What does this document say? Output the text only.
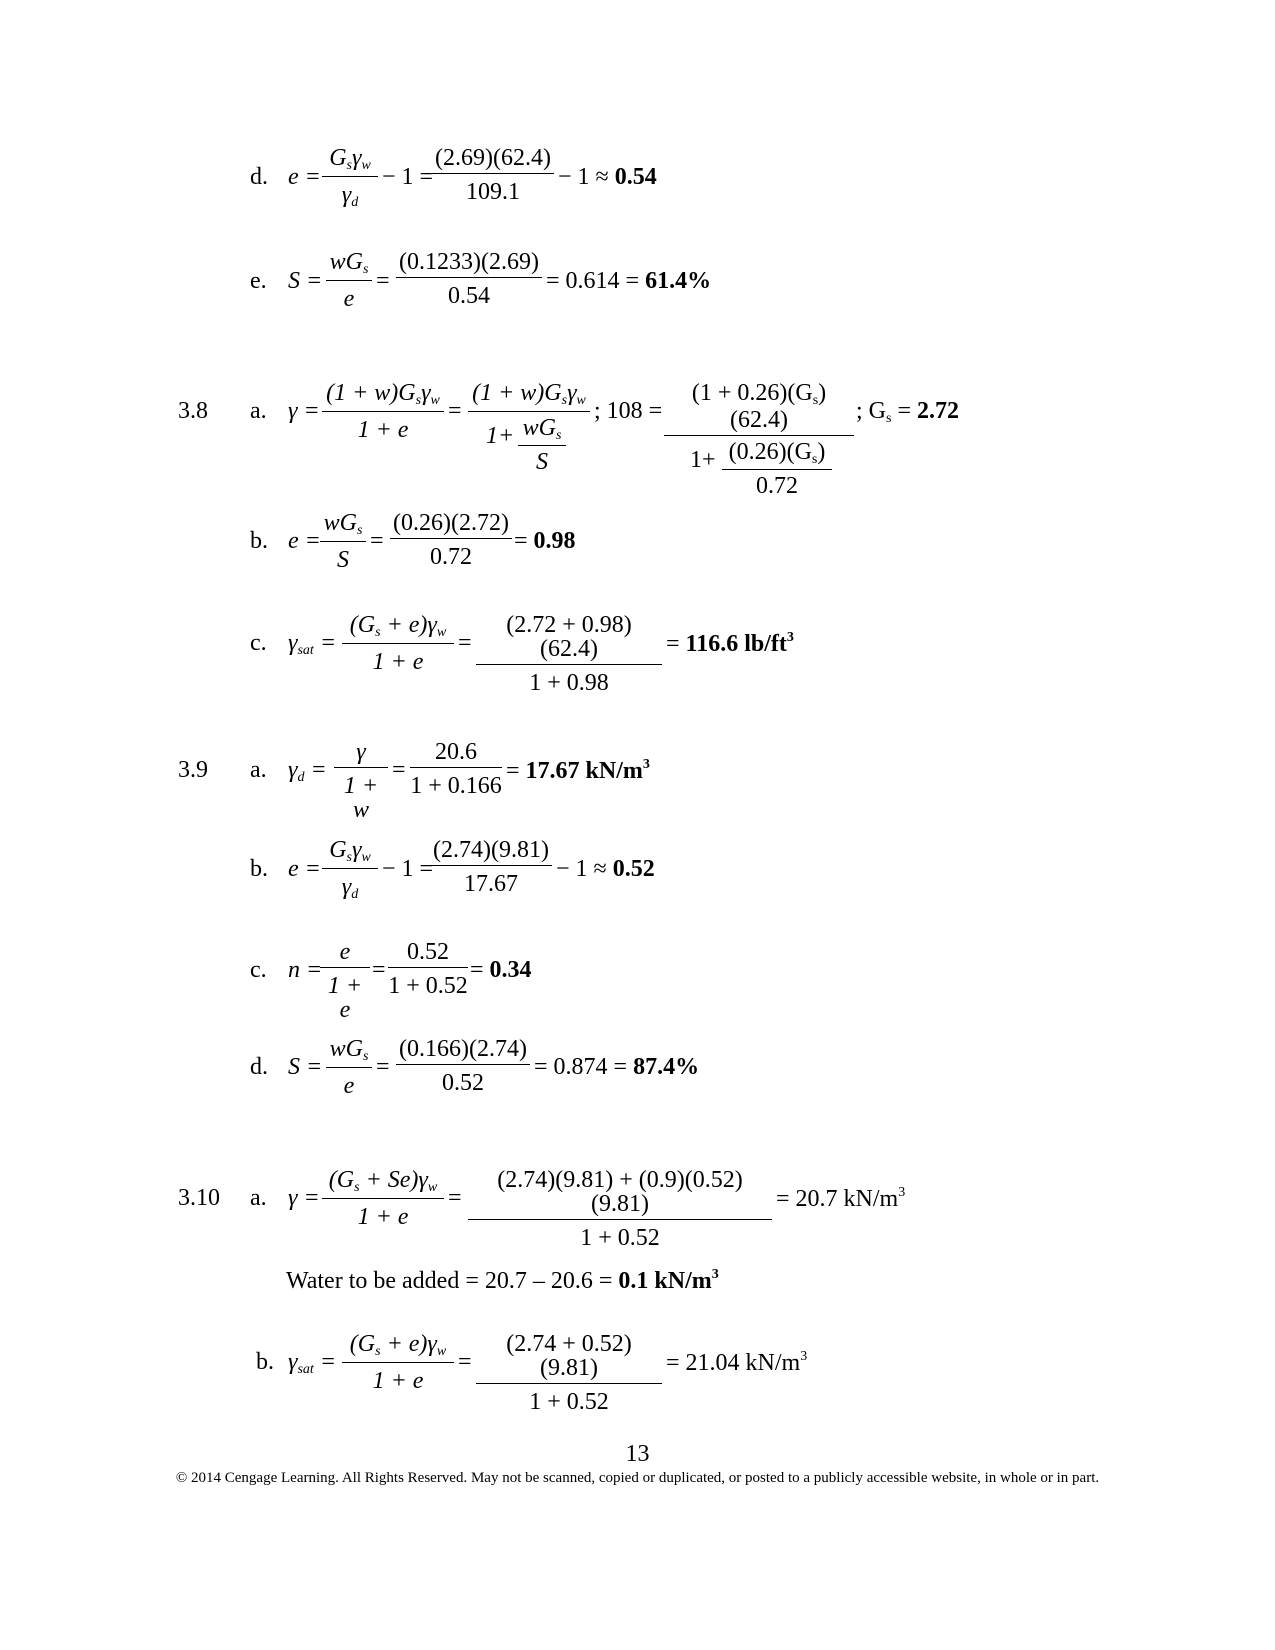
d. e =
$G_s\gamma_w$
$\gamma_d$
− 1 =
$\frac{(2.69)(62.4)}{109.1} - 1 \approx 0.54$
e. S =
$wG_s$
e
= $\frac{(0.1233)(2.69)}{0.54} = 0.614 = 61.4\%$
3.8 a. γ =
$(1 + w)G_s\gamma_w$
1 + e
=
$(1 + w)G_s\gamma_w$
$1+ wG_s$
S
; $108 = (1 + 0.26)(G_s)(62.4)$
$1+ (0.26)(G_s)$
0.72 ; $G_s = 2.72$
b. e =
$wG_s$
S
= $\frac{(0.26)(2.72)}{0.72} = 0.98$
c. $\gamma_{sat} = \frac{(G_s + e)\gamma_w}{1 + e} = \frac{(2.72 + 0.98)(62.4)}{1 + 0.98} = 116.6$ $lb/ft^3$
3.9 a. $\gamma_d = \frac{\gamma}{1 + w} = \frac{20.6}{1 + 0.166} = 17.67$ $kN/m^3$
b. e =
$G_s\gamma_w$
$\gamma_d$
− 1 =
$\frac{(2.74)(9.81)}{17.67} - 1 \approx 0.52$
c. n =
$\frac{e}{1 + e} = \frac{0.52}{1 + 0.52} = 0.34$
d. S =
$wG_s$
e
= $\frac{(0.166)(2.74)}{0.52} = 0.874 = 87.4\%$
3.10 a. $\gamma = \frac{(G_s + Se)\gamma_w}{1 + e} = \frac{(2.74)(9.81) + (0.9)(0.52)(9.81)}{1 + 0.52} = 20.7$ $kN/m^3$
Water to be added = 20.7 – 20.6 = 0.1 $kN/m^3$
b. $\gamma_{sat} = \frac{(G_s + e)\gamma_w}{1 + e} = \frac{(2.74 + 0.52)(9.81)}{1 + 0.52} = 21.04$ $kN/m^3$
13
© 2014 Cengage Learning. All Rights Reserved. May not be scanned, copied or duplicated, or posted to a publicly accessible website, in whole or in part.
